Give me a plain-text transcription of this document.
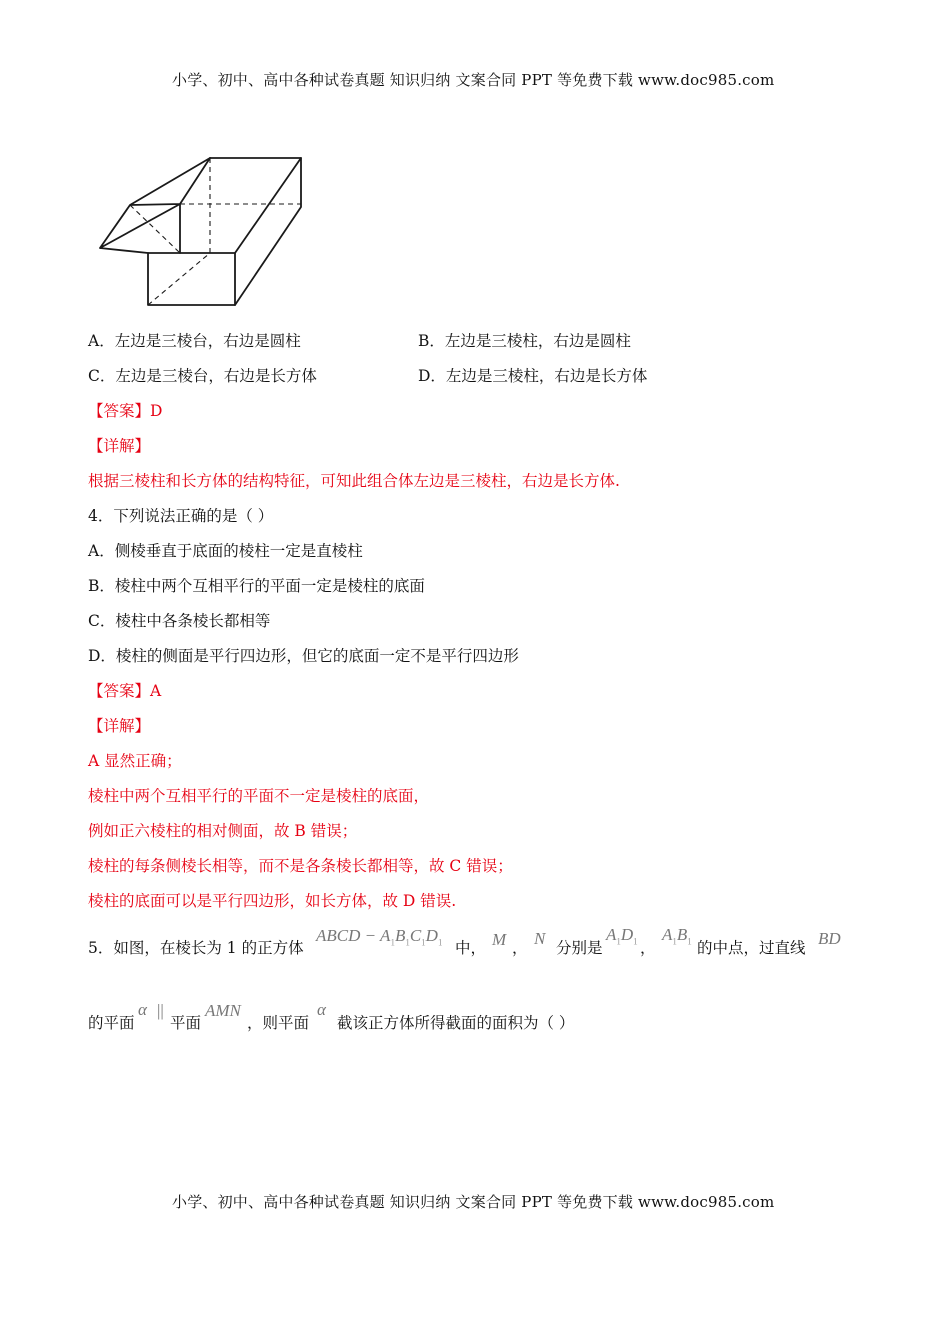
小学、初中、高中各种试卷真题 知识归纳 文案合同 PPT 等免费下载 www.doc985.com
A．左边是三棱台，右边是圆柱	B．左边是三棱柱，右边是圆柱
C．左边是三棱台，右边是长方体	D．左边是三棱柱，右边是长方体
【答案】D
【详解】
根据三棱柱和长方体的结构特征，可知此组合体左边是三棱柱，右边是长方体.
4．下列说法正确的是（ ）
A．侧棱垂直于底面的棱柱一定是直棱柱
B．棱柱中两个互相平行的平面一定是棱柱的底面
C．棱柱中各条棱长都相等
D．棱柱的侧面是平行四边形，但它的底面一定不是平行四边形
【答案】A
【详解】
A 显然正确；
棱柱中两个互相平行的平面不一定是棱柱的底面，
例如正六棱柱的相对侧面，故 B 错误；
棱柱的每条侧棱长相等，而不是各条棱长都相等，故 C 错误；
棱柱的底面可以是平行四边形，如长方体，故 D 错误.
5．如图，在棱长为 1 的正方体
ABCD − $A_1B_1C_1D_1$ 中， M ， N 分别是
$A_1D_1$ ，
$A_1B_1$ 的中点，过直线 BD
的平面
α ||
平面
AMN
，则平面
α
截该正方体所得截面的面积为（ ）
小学、初中、高中各种试卷真题 知识归纳 文案合同 PPT 等免费下载 www.doc985.com
